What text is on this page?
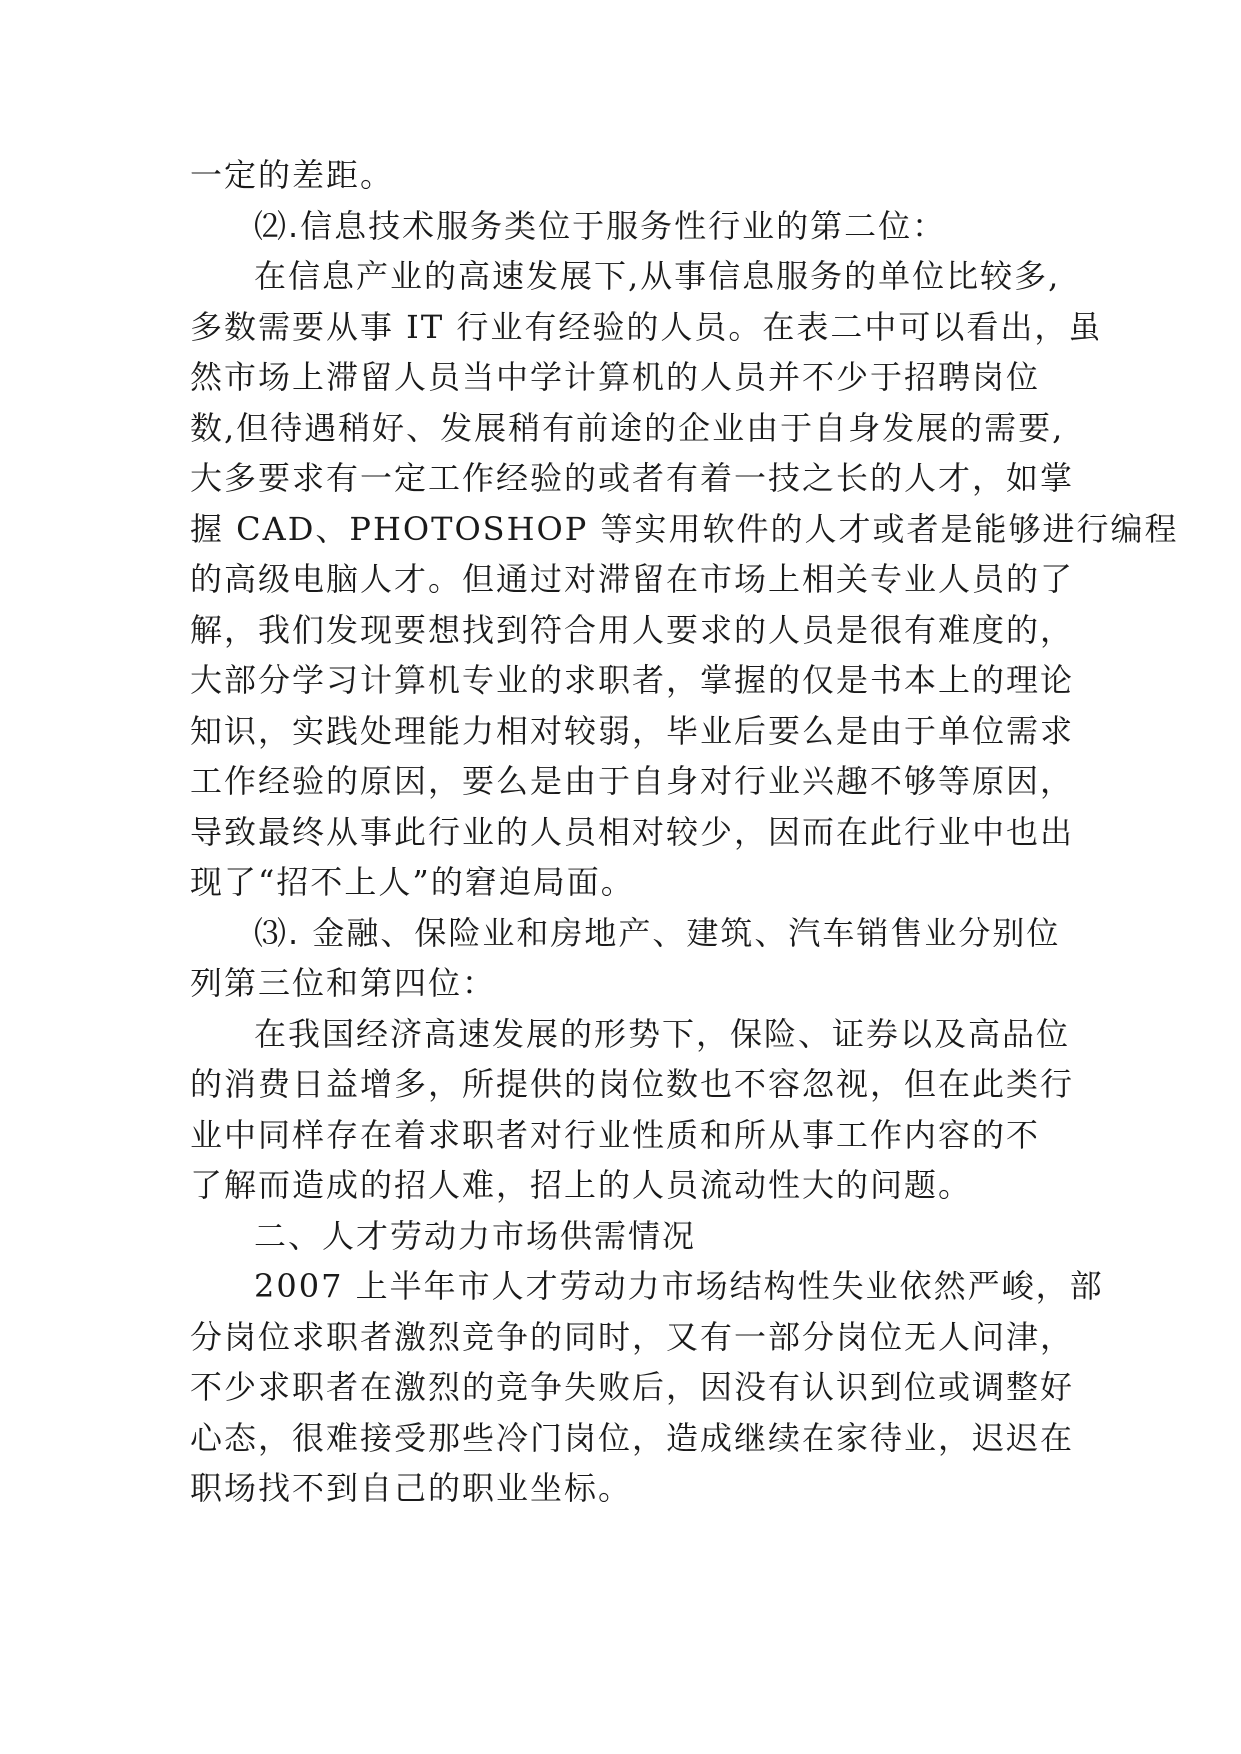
一定的差距。
⑵.信息技术服务类位于服务性行业的第二位：
在信息产业的高速发展下,从事信息服务的单位比较多,
多数需要从事 IT 行业有经验的人员。在表二中可以看出，虽
然市场上滞留人员当中学计算机的人员并不少于招聘岗位
数,但待遇稍好、发展稍有前途的企业由于自身发展的需要,
大多要求有一定工作经验的或者有着一技之长的人才，如掌
握 CAD、PHOTOSHOP 等实用软件的人才或者是能够进行编程
的高级电脑人才。但通过对滞留在市场上相关专业人员的了
解，我们发现要想找到符合用人要求的人员是很有难度的，
大部分学习计算机专业的求职者，掌握的仅是书本上的理论
知识，实践处理能力相对较弱，毕业后要么是由于单位需求
工作经验的原因，要么是由于自身对行业兴趣不够等原因，
导致最终从事此行业的人员相对较少，因而在此行业中也出
现了“招不上人”的窘迫局面。
⑶. 金融、保险业和房地产、建筑、汽车销售业分别位
列第三位和第四位：
在我国经济高速发展的形势下，保险、证券以及高品位
的消费日益增多，所提供的岗位数也不容忽视，但在此类行
业中同样存在着求职者对行业性质和所从事工作内容的不
了解而造成的招人难，招上的人员流动性大的问题。
二、人才劳动力市场供需情况
2007 上半年市人才劳动力市场结构性失业依然严峻，部
分岗位求职者激烈竞争的同时，又有一部分岗位无人问津，
不少求职者在激烈的竞争失败后，因没有认识到位或调整好
心态，很难接受那些冷门岗位，造成继续在家待业，迟迟在
职场找不到自己的职业坐标。
